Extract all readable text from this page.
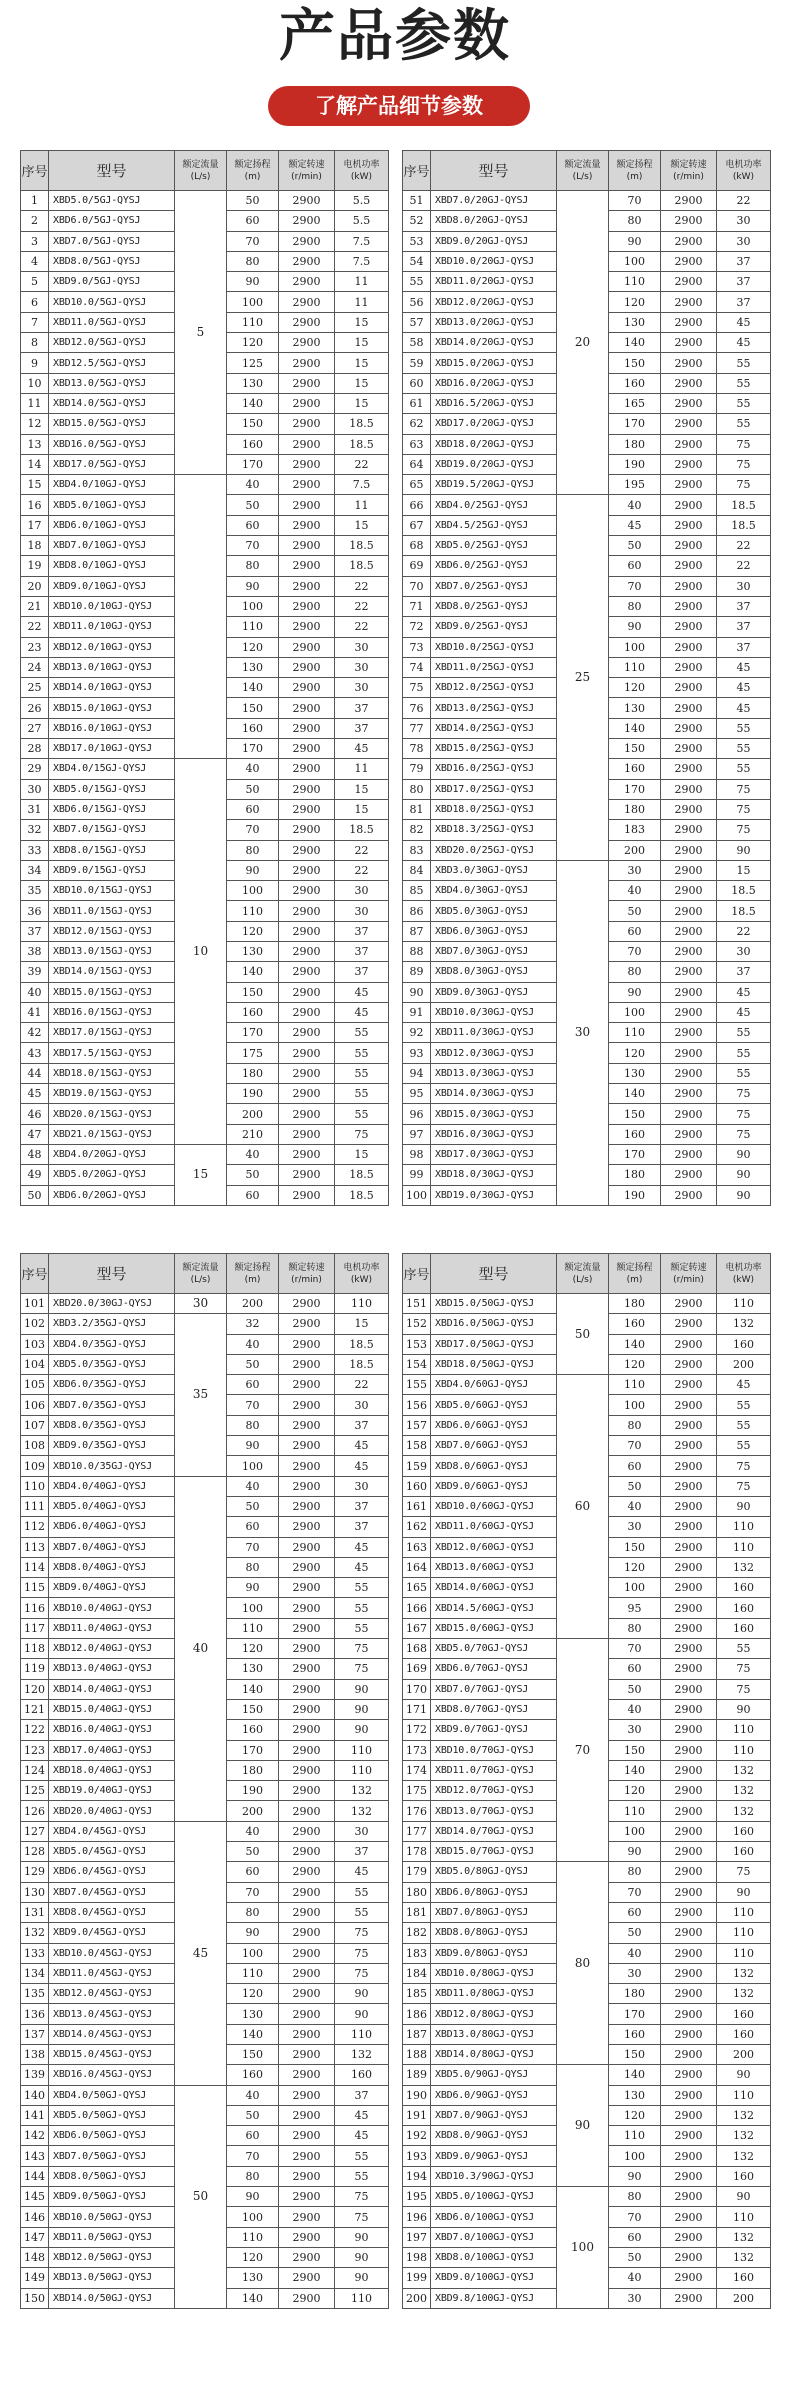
产品参数
了解产品细节参数
序号	型号	额定流量 (L/s)	额定扬程 (m)	额定转速 (r/min)	电机功率 (kW)
1	XBD5.0/5GJ-QYSJ	5	50	2900	5.5
2	XBD6.0/5GJ-QYSJ		60	2900	5.5
3	XBD7.0/5GJ-QYSJ		70	2900	7.5
4	XBD8.0/5GJ-QYSJ		80	2900	7.5
5	XBD9.0/5GJ-QYSJ		90	2900	11
6	XBD10.0/5GJ-QYSJ		100	2900	11
7	XBD11.0/5GJ-QYSJ		110	2900	15
8	XBD12.0/5GJ-QYSJ		120	2900	15
9	XBD12.5/5GJ-QYSJ		125	2900	15
10	XBD13.0/5GJ-QYSJ		130	2900	15
11	XBD14.0/5GJ-QYSJ		140	2900	15
12	XBD15.0/5GJ-QYSJ		150	2900	18.5
13	XBD16.0/5GJ-QYSJ		160	2900	18.5
14	XBD17.0/5GJ-QYSJ		170	2900	22
15	XBD4.0/10GJ-QYSJ		40	2900	7.5
16	XBD5.0/10GJ-QYSJ		50	2900	11
17	XBD6.0/10GJ-QYSJ		60	2900	15
18	XBD7.0/10GJ-QYSJ		70	2900	18.5
19	XBD8.0/10GJ-QYSJ		80	2900	18.5
20	XBD9.0/10GJ-QYSJ		90	2900	22
21	XBD10.0/10GJ-QYSJ		100	2900	22
22	XBD11.0/10GJ-QYSJ		110	2900	22
23	XBD12.0/10GJ-QYSJ		120	2900	30
24	XBD13.0/10GJ-QYSJ		130	2900	30
25	XBD14.0/10GJ-QYSJ		140	2900	30
26	XBD15.0/10GJ-QYSJ		150	2900	37
27	XBD16.0/10GJ-QYSJ		160	2900	37
28	XBD17.0/10GJ-QYSJ		170	2900	45
29	XBD4.0/15GJ-QYSJ	10	40	2900	11
30	XBD5.0/15GJ-QYSJ		50	2900	15
31	XBD6.0/15GJ-QYSJ		60	2900	15
32	XBD7.0/15GJ-QYSJ		70	2900	18.5
33	XBD8.0/15GJ-QYSJ		80	2900	22
34	XBD9.0/15GJ-QYSJ		90	2900	22
35	XBD10.0/15GJ-QYSJ		100	2900	30
36	XBD11.0/15GJ-QYSJ		110	2900	30
37	XBD12.0/15GJ-QYSJ		120	2900	37
38	XBD13.0/15GJ-QYSJ		130	2900	37
39	XBD14.0/15GJ-QYSJ		140	2900	37
40	XBD15.0/15GJ-QYSJ		150	2900	45
41	XBD16.0/15GJ-QYSJ		160	2900	45
42	XBD17.0/15GJ-QYSJ		170	2900	55
43	XBD17.5/15GJ-QYSJ		175	2900	55
44	XBD18.0/15GJ-QYSJ		180	2900	55
45	XBD19.0/15GJ-QYSJ		190	2900	55
46	XBD20.0/15GJ-QYSJ		200	2900	55
47	XBD21.0/15GJ-QYSJ		210	2900	75
48	XBD4.0/20GJ-QYSJ	15	40	2900	15
49	XBD5.0/20GJ-QYSJ		50	2900	18.5
50	XBD6.0/20GJ-QYSJ		60	2900	18.5
序号	型号	额定流量 (L/s)	额定扬程 (m)	额定转速 (r/min)	电机功率 (kW)
51	XBD7.0/20GJ-QYSJ	20	70	2900	22
52	XBD8.0/20GJ-QYSJ		80	2900	30
53	XBD9.0/20GJ-QYSJ		90	2900	30
54	XBD10.0/20GJ-QYSJ		100	2900	37
55	XBD11.0/20GJ-QYSJ		110	2900	37
56	XBD12.0/20GJ-QYSJ		120	2900	37
57	XBD13.0/20GJ-QYSJ		130	2900	45
58	XBD14.0/20GJ-QYSJ		140	2900	45
59	XBD15.0/20GJ-QYSJ		150	2900	55
60	XBD16.0/20GJ-QYSJ		160	2900	55
61	XBD16.5/20GJ-QYSJ		165	2900	55
62	XBD17.0/20GJ-QYSJ		170	2900	55
63	XBD18.0/20GJ-QYSJ		180	2900	75
64	XBD19.0/20GJ-QYSJ		190	2900	75
65	XBD19.5/20GJ-QYSJ		195	2900	75
66	XBD4.0/25GJ-QYSJ	25	40	2900	18.5
67	XBD4.5/25GJ-QYSJ		45	2900	18.5
68	XBD5.0/25GJ-QYSJ		50	2900	22
69	XBD6.0/25GJ-QYSJ		60	2900	22
70	XBD7.0/25GJ-QYSJ		70	2900	30
71	XBD8.0/25GJ-QYSJ		80	2900	37
72	XBD9.0/25GJ-QYSJ		90	2900	37
73	XBD10.0/25GJ-QYSJ		100	2900	37
74	XBD11.0/25GJ-QYSJ		110	2900	45
75	XBD12.0/25GJ-QYSJ		120	2900	45
76	XBD13.0/25GJ-QYSJ		130	2900	45
77	XBD14.0/25GJ-QYSJ		140	2900	55
78	XBD15.0/25GJ-QYSJ		150	2900	55
79	XBD16.0/25GJ-QYSJ		160	2900	55
80	XBD17.0/25GJ-QYSJ		170	2900	75
81	XBD18.0/25GJ-QYSJ		180	2900	75
82	XBD18.3/25GJ-QYSJ		183	2900	75
83	XBD20.0/25GJ-QYSJ		200	2900	90
84	XBD3.0/30GJ-QYSJ	30	30	2900	15
85	XBD4.0/30GJ-QYSJ		40	2900	18.5
86	XBD5.0/30GJ-QYSJ		50	2900	18.5
87	XBD6.0/30GJ-QYSJ		60	2900	22
88	XBD7.0/30GJ-QYSJ		70	2900	30
89	XBD8.0/30GJ-QYSJ		80	2900	37
90	XBD9.0/30GJ-QYSJ		90	2900	45
91	XBD10.0/30GJ-QYSJ		100	2900	45
92	XBD11.0/30GJ-QYSJ		110	2900	55
93	XBD12.0/30GJ-QYSJ		120	2900	55
94	XBD13.0/30GJ-QYSJ		130	2900	55
95	XBD14.0/30GJ-QYSJ		140	2900	75
96	XBD15.0/30GJ-QYSJ		150	2900	75
97	XBD16.0/30GJ-QYSJ		160	2900	75
98	XBD17.0/30GJ-QYSJ		170	2900	90
99	XBD18.0/30GJ-QYSJ		180	2900	90
100	XBD19.0/30GJ-QYSJ		190	2900	90
序号	型号	额定流量 (L/s)	额定扬程 (m)	额定转速 (r/min)	电机功率 (kW)
101	XBD20.0/30GJ-QYSJ	30	200	2900	110
102	XBD3.2/35GJ-QYSJ	35	32	2900	15
103	XBD4.0/35GJ-QYSJ		40	2900	18.5
104	XBD5.0/35GJ-QYSJ		50	2900	18.5
105	XBD6.0/35GJ-QYSJ		60	2900	22
106	XBD7.0/35GJ-QYSJ		70	2900	30
107	XBD8.0/35GJ-QYSJ		80	2900	37
108	XBD9.0/35GJ-QYSJ		90	2900	45
109	XBD10.0/35GJ-QYSJ		100	2900	45
110	XBD4.0/40GJ-QYSJ	40	40	2900	30
111	XBD5.0/40GJ-QYSJ		50	2900	37
112	XBD6.0/40GJ-QYSJ		60	2900	37
113	XBD7.0/40GJ-QYSJ		70	2900	45
114	XBD8.0/40GJ-QYSJ		80	2900	45
115	XBD9.0/40GJ-QYSJ		90	2900	55
116	XBD10.0/40GJ-QYSJ		100	2900	55
117	XBD11.0/40GJ-QYSJ		110	2900	55
118	XBD12.0/40GJ-QYSJ		120	2900	75
119	XBD13.0/40GJ-QYSJ		130	2900	75
120	XBD14.0/40GJ-QYSJ		140	2900	90
121	XBD15.0/40GJ-QYSJ		150	2900	90
122	XBD16.0/40GJ-QYSJ		160	2900	90
123	XBD17.0/40GJ-QYSJ		170	2900	110
124	XBD18.0/40GJ-QYSJ		180	2900	110
125	XBD19.0/40GJ-QYSJ		190	2900	132
126	XBD20.0/40GJ-QYSJ		200	2900	132
127	XBD4.0/45GJ-QYSJ	45	40	2900	30
128	XBD5.0/45GJ-QYSJ		50	2900	37
129	XBD6.0/45GJ-QYSJ		60	2900	45
130	XBD7.0/45GJ-QYSJ		70	2900	55
131	XBD8.0/45GJ-QYSJ		80	2900	55
132	XBD9.0/45GJ-QYSJ		90	2900	75
133	XBD10.0/45GJ-QYSJ		100	2900	75
134	XBD11.0/45GJ-QYSJ		110	2900	75
135	XBD12.0/45GJ-QYSJ		120	2900	90
136	XBD13.0/45GJ-QYSJ		130	2900	90
137	XBD14.0/45GJ-QYSJ		140	2900	110
138	XBD15.0/45GJ-QYSJ		150	2900	132
139	XBD16.0/45GJ-QYSJ		160	2900	160
140	XBD4.0/50GJ-QYSJ	50	40	2900	37
141	XBD5.0/50GJ-QYSJ		50	2900	45
142	XBD6.0/50GJ-QYSJ		60	2900	45
143	XBD7.0/50GJ-QYSJ		70	2900	55
144	XBD8.0/50GJ-QYSJ		80	2900	55
145	XBD9.0/50GJ-QYSJ		90	2900	75
146	XBD10.0/50GJ-QYSJ		100	2900	75
147	XBD11.0/50GJ-QYSJ		110	2900	90
148	XBD12.0/50GJ-QYSJ		120	2900	90
149	XBD13.0/50GJ-QYSJ		130	2900	90
150	XBD14.0/50GJ-QYSJ		140	2900	110
序号	型号	额定流量 (L/s)	额定扬程 (m)	额定转速 (r/min)	电机功率 (kW)
151	XBD15.0/50GJ-QYSJ	50	180	2900	110
152	XBD16.0/50GJ-QYSJ		160	2900	132
153	XBD17.0/50GJ-QYSJ		140	2900	160
154	XBD18.0/50GJ-QYSJ		120	2900	200
155	XBD4.0/60GJ-QYSJ	60	110	2900	45
156	XBD5.0/60GJ-QYSJ		100	2900	55
157	XBD6.0/60GJ-QYSJ		80	2900	55
158	XBD7.0/60GJ-QYSJ		70	2900	55
159	XBD8.0/60GJ-QYSJ		60	2900	75
160	XBD9.0/60GJ-QYSJ		50	2900	75
161	XBD10.0/60GJ-QYSJ		40	2900	90
162	XBD11.0/60GJ-QYSJ		30	2900	110
163	XBD12.0/60GJ-QYSJ		150	2900	110
164	XBD13.0/60GJ-QYSJ		120	2900	132
165	XBD14.0/60GJ-QYSJ		100	2900	160
166	XBD14.5/60GJ-QYSJ		95	2900	160
167	XBD15.0/60GJ-QYSJ		80	2900	160
168	XBD5.0/70GJ-QYSJ	70	70	2900	55
169	XBD6.0/70GJ-QYSJ		60	2900	75
170	XBD7.0/70GJ-QYSJ		50	2900	75
171	XBD8.0/70GJ-QYSJ		40	2900	90
172	XBD9.0/70GJ-QYSJ		30	2900	110
173	XBD10.0/70GJ-QYSJ		150	2900	110
174	XBD11.0/70GJ-QYSJ		140	2900	132
175	XBD12.0/70GJ-QYSJ		120	2900	132
176	XBD13.0/70GJ-QYSJ		110	2900	132
177	XBD14.0/70GJ-QYSJ		100	2900	160
178	XBD15.0/70GJ-QYSJ		90	2900	160
179	XBD5.0/80GJ-QYSJ	80	80	2900	75
180	XBD6.0/80GJ-QYSJ		70	2900	90
181	XBD7.0/80GJ-QYSJ		60	2900	110
182	XBD8.0/80GJ-QYSJ		50	2900	110
183	XBD9.0/80GJ-QYSJ		40	2900	110
184	XBD10.0/80GJ-QYSJ		30	2900	132
185	XBD11.0/80GJ-QYSJ		180	2900	132
186	XBD12.0/80GJ-QYSJ		170	2900	160
187	XBD13.0/80GJ-QYSJ		160	2900	160
188	XBD14.0/80GJ-QYSJ		150	2900	200
189	XBD5.0/90GJ-QYSJ	90	140	2900	90
190	XBD6.0/90GJ-QYSJ		130	2900	110
191	XBD7.0/90GJ-QYSJ		120	2900	132
192	XBD8.0/90GJ-QYSJ		110	2900	132
193	XBD9.0/90GJ-QYSJ		100	2900	132
194	XBD10.3/90GJ-QYSJ		90	2900	160
195	XBD5.0/100GJ-QYSJ	100	80	2900	90
196	XBD6.0/100GJ-QYSJ		70	2900	110
197	XBD7.0/100GJ-QYSJ		60	2900	132
198	XBD8.0/100GJ-QYSJ		50	2900	132
199	XBD9.0/100GJ-QYSJ		40	2900	160
200	XBD9.8/100GJ-QYSJ		30	2900	200
